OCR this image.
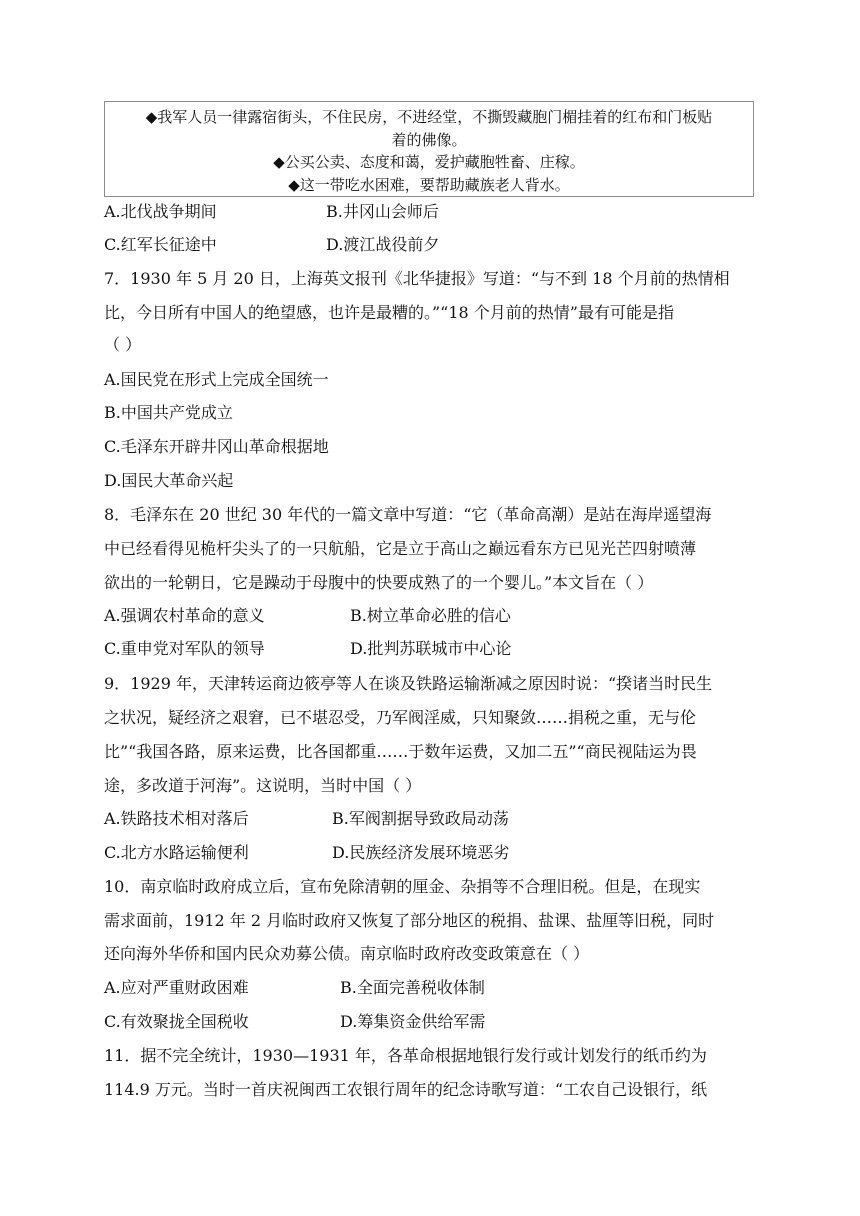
◆我军人员一律露宿街头，不住民房，不进经堂，不撕毁藏胞门楣挂着的红布和门板贴
着的佛像。
◆公买公卖、态度和蔼，爱护藏胞牲畜、庄稼。
◆这一带吃水困难，要帮助藏族老人背水。
A.北伐战争期间	B.井冈山会师后
C.红军长征途中	D.渡江战役前夕
7．1930 年 5 月 20 日，上海英文报刊《北华捷报》写道：“与不到 18 个月前的热情相
比，今日所有中国人的绝望感，也许是最糟的。”“18 个月前的热情”最有可能是指
（ ）
A.国民党在形式上完成全国统一
B.中国共产党成立
C.毛泽东开辟井冈山革命根据地
D.国民大革命兴起
8．毛泽东在 20 世纪 30 年代的一篇文章中写道：“它（革命高潮）是站在海岸遥望海
中已经看得见桅杆尖头了的一只航船，它是立于高山之巅远看东方已见光芒四射喷薄
欲出的一轮朝日，它是躁动于母腹中的快要成熟了的一个婴儿。”本文旨在（ ）
A.强调农村革命的意义	B.树立革命必胜的信心
C.重申党对军队的领导	D.批判苏联城市中心论
9．1929 年，天津转运商边筱亭等人在谈及铁路运输渐减之原因时说：“揆诸当时民生
之状况，疑经济之艰窘，已不堪忍受，乃军阀淫威，只知聚敛……捐税之重，无与伦
比”“我国各路，原来运费，比各国都重……于数年运费，又加二五”“商民视陆运为畏
途，多改道于河海”。这说明，当时中国（ ）
A.铁路技术相对落后	B.军阀割据导致政局动荡
C.北方水路运输便利	D.民族经济发展环境恶劣
10．南京临时政府成立后，宣布免除清朝的厘金、杂捐等不合理旧税。但是，在现实
需求面前，1912 年 2 月临时政府又恢复了部分地区的税捐、盐课、盐厘等旧税，同时
还向海外华侨和国内民众劝募公债。南京临时政府改变政策意在（ ）
A.应对严重财政困难	B.全面完善税收体制
C.有效聚拢全国税收	D.筹集资金供给军需
11．据不完全统计，1930—1931 年，各革命根据地银行发行或计划发行的纸币约为
114.9 万元。当时一首庆祝闽西工农银行周年的纪念诗歌写道：“工农自己设银行，纸
